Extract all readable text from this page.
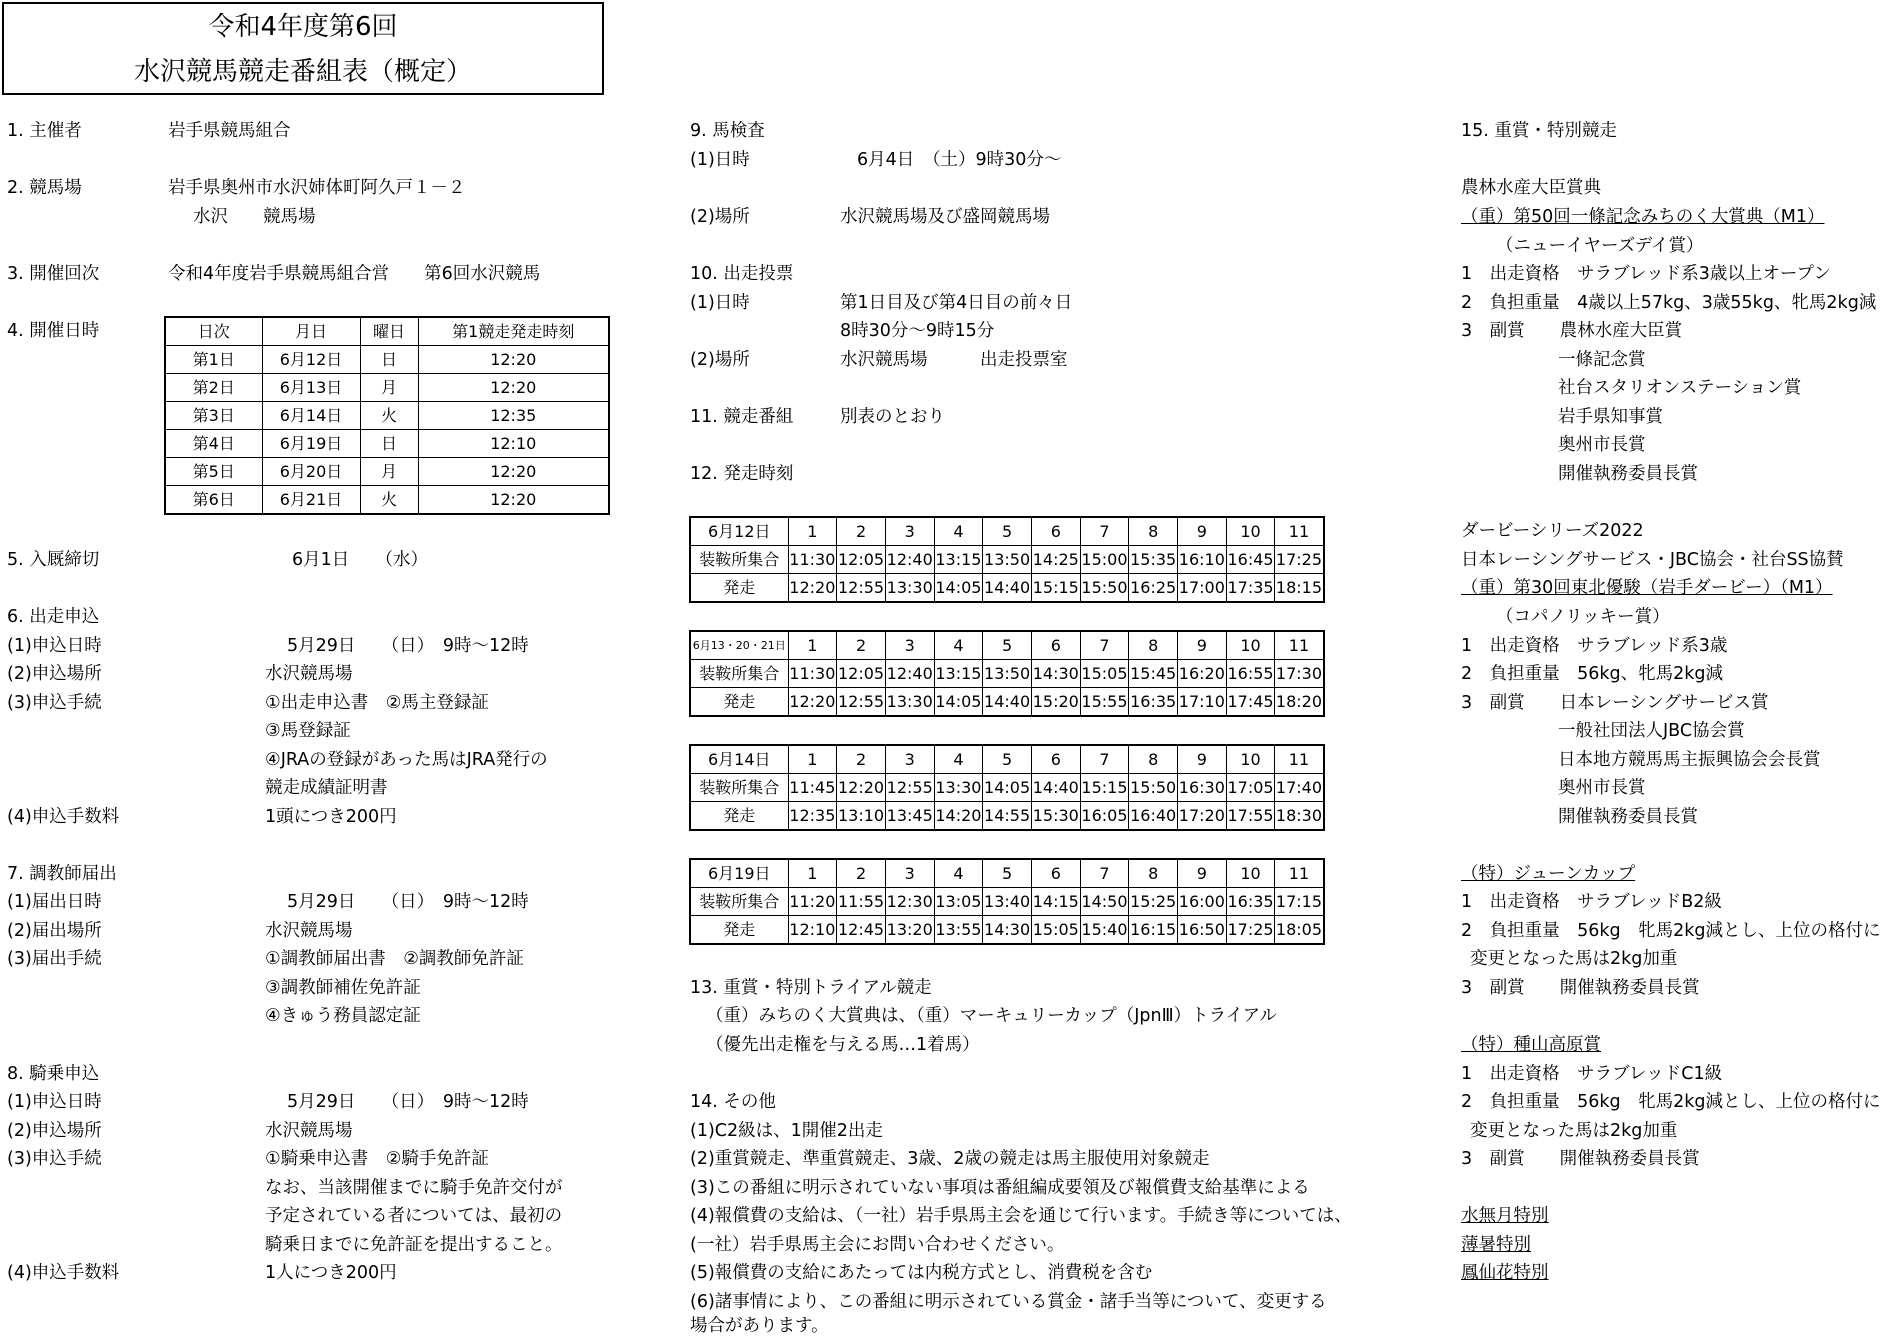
令和4年度第6回
水沢競馬競走番組表（概定）
1. 主催者	岩手県競馬組合
2. 競馬場	岩手県奥州市水沢姉体町阿久戸１－２
水沢　　競馬場
3. 開催回次	令和4年度岩手県競馬組合営　　第6回水沢競馬
4. 開催日時	日次	月日	曜日	第1競走発走時刻
第1日	6月12日	日	12:20
第2日	6月13日	月	12:20
第3日	6月14日	火	12:35
第4日	6月19日	日	12:10
第5日	6月20日	月	12:20
第6日	6月21日	火	12:20
5. 入厩締切	6月1日　　（水）
6. 出走申込
(1)申込日時	5月29日　　（日）　9時～12時
(2)申込場所	水沢競馬場
(3)申込手続	①出走申込書　②馬主登録証
③馬登録証
④JRAの登録があった馬はJRA発行の
競走成績証明書
(4)申込手数料	1頭につき200円
7. 調教師届出
(1)届出日時	5月29日　　（日）　9時～12時
(2)届出場所	水沢競馬場
(3)届出手続	①調教師届出書　②調教師免許証
③調教師補佐免許証
④きゅう務員認定証
8. 騎乗申込
(1)申込日時	5月29日　　（日）　9時～12時
(2)申込場所	水沢競馬場
(3)申込手続	①騎乗申込書　②騎手免許証
なお、当該開催までに騎手免許交付が
予定されている者については、最初の
騎乗日までに免許証を提出すること。
(4)申込手数料	1人につき200円
9. 馬検査
(1)日時	6月4日　（土）9時30分～
(2)場所	水沢競馬場及び盛岡競馬場
10. 出走投票
(1)日時	第1日目及び第4日目の前々日
8時30分～9時15分
(2)場所	水沢競馬場　　　出走投票室
11. 競走番組	別表のとおり
12. 発走時刻
6月12日	1	2	3	4	5	6	7	8	9	10	11
装鞍所集合	11:30	12:05	12:40	13:15	13:50	14:25	15:00	15:35	16:10	16:45	17:25
発走	12:20	12:55	13:30	14:05	14:40	15:15	15:50	16:25	17:00	17:35	18:15
6月13・20・21日	1	2	3	4	5	6	7	8	9	10	11
装鞍所集合	11:30	12:05	12:40	13:15	13:50	14:30	15:05	15:45	16:20	16:55	17:30
発走	12:20	12:55	13:30	14:05	14:40	15:20	15:55	16:35	17:10	17:45	18:20
6月14日	1	2	3	4	5	6	7	8	9	10	11
装鞍所集合	11:45	12:20	12:55	13:30	14:05	14:40	15:15	15:50	16:30	17:05	17:40
発走	12:35	13:10	13:45	14:20	14:55	15:30	16:05	16:40	17:20	17:55	18:30
6月19日	1	2	3	4	5	6	7	8	9	10	11
装鞍所集合	11:20	11:55	12:30	13:05	13:40	14:15	14:50	15:25	16:00	16:35	17:15
発走	12:10	12:45	13:20	13:55	14:30	15:05	15:40	16:15	16:50	17:25	18:05
13. 重賞・特別トライアル競走
（重）みちのく大賞典は、（重）マーキュリーカップ（JpnⅢ）トライアル
（優先出走権を与える馬…1着馬）
14. その他
(1)C2級は、1開催2出走
(2)重賞競走、準重賞競走、3歳、2歳の競走は馬主服使用対象競走
(3)この番組に明示されていない事項は番組編成要領及び報償費支給基準による
(4)報償費の支給は、（一社）岩手県馬主会を通じて行います。手続き等については、
(一社）岩手県馬主会にお問い合わせください。
(5)報償費の支給にあたっては内税方式とし、消費税を含む
(6)諸事情により、この番組に明示されている賞金・諸手当等について、変更する
場合があります。
15. 重賞・特別競走
農林水産大臣賞典
（重）第50回一條記念みちのく大賞典（M1）
（ニューイヤーズデイ賞）
1　出走資格　サラブレッド系3歳以上オープン
2　負担重量　4歳以上57kg、3歳55kg、牝馬2kg減
3　副賞　　農林水産大臣賞
一條記念賞
社台スタリオンステーション賞
岩手県知事賞
奥州市長賞
開催執務委員長賞
ダービーシリーズ2022
日本レーシングサービス・JBC協会・社台SS協賛
（重）第30回東北優駿（岩手ダービー）（M1）
（コパノリッキー賞）
1　出走資格　サラブレッド系3歳
2　負担重量　56kg、牝馬2kg減
3　副賞　　日本レーシングサービス賞
一般社団法人JBC協会賞
日本地方競馬馬主振興協会会長賞
奥州市長賞
開催執務委員長賞
（特）ジューンカップ
1　出走資格　サラブレッドB2級
2　負担重量　56kg　牝馬2kg減とし、上位の格付に
変更となった馬は2kg加重
3　副賞　　開催執務委員長賞
（特）種山高原賞
1　出走資格　サラブレッドC1級
2　負担重量　56kg　牝馬2kg減とし、上位の格付に
変更となった馬は2kg加重
3　副賞　　開催執務委員長賞
水無月特別
薄暑特別
鳳仙花特別
